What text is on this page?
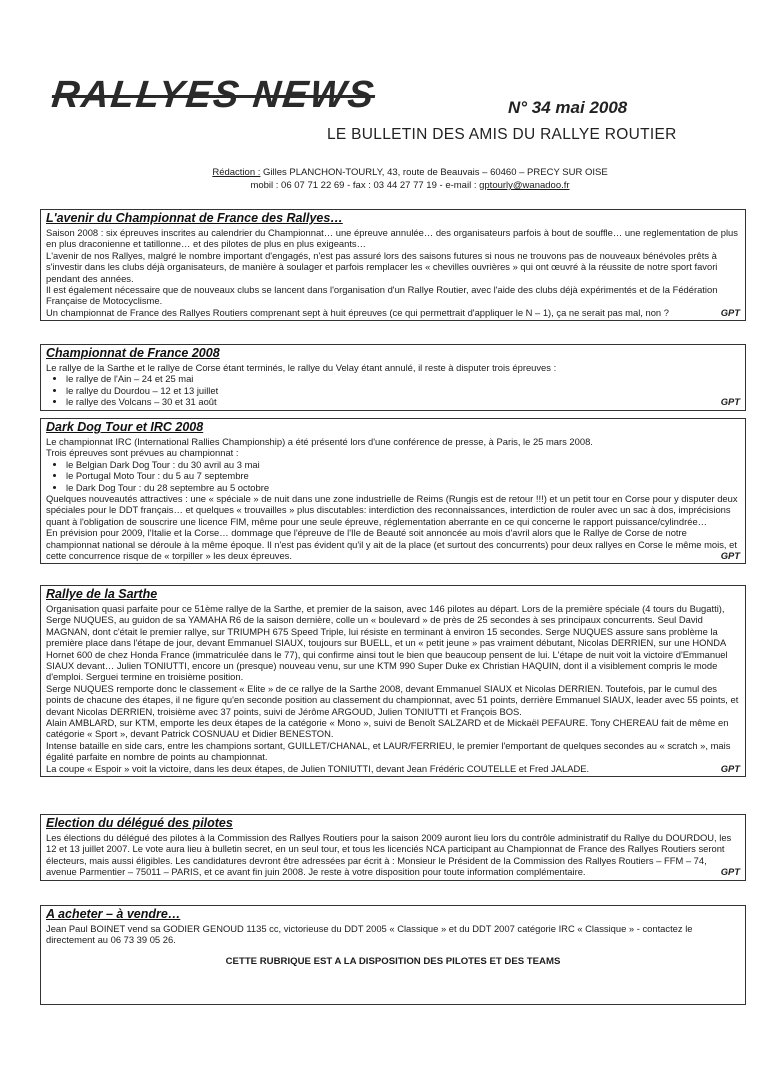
RALLYES NEWS	N° 34 mai 2008
LE BULLETIN DES AMIS DU RALLYE ROUTIER
Rédaction : Gilles PLANCHON-TOURLY, 43, route de Beauvais – 60460 – PRECY SUR OISE
mobil : 06 07 71 22 69 - fax : 03 44 27 77 19 - e-mail : gptourly@wanadoo.fr
L'avenir du Championnat de France des Rallyes…

Saison 2008 : six épreuves inscrites au calendrier du Championnat… une épreuve annulée… des organisateurs parfois à bout de souffle… une reglementation de plus en plus draconienne et tatillonne… et des pilotes de plus en plus exigeants…

L'avenir de nos Rallyes, malgré le nombre important d'engagés, n'est pas assuré lors des saisons futures si nous ne trouvons pas de nouveaux bénévoles prêts à s'investir dans les clubs déjà organisateurs, de manière à soulager et parfois remplacer les « chevilles ouvrières » qui ont œuvré à la réussite de notre sport favori pendant des années.

Il est également nécessaire que de nouveaux clubs se lancent dans l'organisation d'un Rallye Routier, avec l'aide des clubs déjà expérimentés et de la Fédération Française de Motocyclisme.

Un championnat de France des Rallyes Routiers comprenant sept à huit épreuves (ce qui permettrait d'appliquer le N – 1), ça ne serait pas mal, non ?	GPT

Championnat de France 2008

Le rallye de la Sarthe et le rallye de Corse étant terminés, le rallye du Velay étant annulé, il reste à disputer trois épreuves :

• le rallye de l'Ain – 24 et 25 mai
• le rallye du Dourdou – 12 et 13 juillet
• le rallye des Volcans – 30 et 31 août	GPT
Dark Dog Tour et IRC 2008

Le championnat IRC (International Rallies Championship) a été présenté lors d'une conférence de presse, à Paris, le 25 mars 2008.

Trois épreuves sont prévues au championnat :

• le Belgian Dark Dog Tour : du 30 avril au 3 mai
• le Portugal Moto Tour : du 5 au 7 septembre
• le Dark Dog Tour : du 28 septembre au 5 octobre

Quelques nouveautés attractives : une « spéciale » de nuit dans une zone industrielle de Reims (Rungis est de retour !!!) et un petit tour en Corse pour y disputer deux spéciales pour le DDT français… et quelques « trouvailles » plus discutables: interdiction des reconnaissances, interdiction de rouler avec un sac à dos, imprécisions quant à l'obligation de souscrire une licence FIM, même pour une seule épreuve, réglementation aberrante en ce qui concerne le rapport puissance/cylindrée…

En prévision pour 2009, l'Italie et la Corse… dommage que l'épreuve de l'Ile de Beauté soit annoncée au mois d'avril alors que le Rallye de Corse de notre championnat national se déroule à la même époque. Il n'est pas évident qu'il y ait de la place (et surtout des concurrents) pour deux rallyes en Corse le même mois, et cette concurrence risque de « torpiller » les deux épreuves.	GPT

Rallye de la Sarthe

Organisation quasi parfaite pour ce 51ème rallye de la Sarthe, et premier de la saison, avec 146 pilotes au départ. Lors de la première spéciale (4 tours du Bugatti), Serge NUQUES, au guidon de sa YAMAHA R6 de la saison dernière, colle un « boulevard » de près de 25 secondes à ses principaux concurrents. Seul David MAGNAN, dont c'était le premier rallye, sur TRIUMPH 675 Speed Triple, lui résiste en terminant à environ 15 secondes. Serge NUQUES assure sans problème la première place dans l'étape de jour, devant Emmanuel SIAUX, toujours sur BUELL, et un « petit jeune » pas vraiment débutant, Nicolas DERRIEN, sur une HONDA Hornet 600 de chez Honda France (immatriculée dans le 77), qui confirme ainsi tout le bien que beaucoup pensent de lui. L'étape de nuit voit la victoire d'Emmanuel SIAUX devant… Julien TONIUTTI, encore un (presque) nouveau venu, sur une KTM 990 Super Duke ex Christian HAQUIN, dont il a visiblement compris le mode d'emploi. Serguei termine en troisième position.

Serge NUQUES remporte donc le classement « Elite » de ce rallye de la Sarthe 2008, devant Emmanuel SIAUX et Nicolas DERRIEN. Toutefois, par le cumul des points de chacune des étapes, il ne figure qu'en seconde position au classement du championnat, avec 51 points, derrière Emmanuel SIAUX, leader avec 55 points, et devant Nicolas DERRIEN, troisième avec 37 points, suivi de Jérôme ARGOUD, Julien TONIUTTI et François BOS.

Alain AMBLARD, sur KTM, emporte les deux étapes de la catégorie « Mono », suivi de Benoît SALZARD et de Mickaël PEFAURE. Tony CHEREAU fait de même en catégorie « Sport », devant Patrick COSNUAU et Didier BENESTON.

Intense bataille en side cars, entre les champions sortant, GUILLET/CHANAL, et LAUR/FERRIEU, le premier l'emportant de quelques secondes au « scratch », mais égalité parfaite en nombre de points au championnat.

La coupe « Espoir » voit la victoire, dans les deux étapes, de Julien TONIUTTI, devant Jean Frédéric COUTELLE et Fred JALADE.	GPT

Election du délégué des pilotes

Les élections du délégué des pilotes à la Commission des Rallyes Routiers pour la saison 2009 auront lieu lors du contrôle administratif du Rallye du DOURDOU, les 12 et 13 juillet 2007. Le vote aura lieu à bulletin secret, en un seul tour, et tous les licenciés NCA participant au Championnat de France des Rallyes Routiers seront électeurs, mais aussi éligibles. Les candidatures devront être adressées par écrit à : Monsieur le Président de la Commission des Rallyes Routiers – FFM – 74, avenue Parmentier – 75011 – PARIS, et ce avant fin juin 2008. Je reste à votre disposition pour toute information complémentaire.	GPT

A acheter – à vendre…

Jean Paul BOINET vend sa GODIER GENOUD 1135 cc, victorieuse du DDT 2005 « Classique » et du DDT 2007 catégorie IRC « Classique » - contactez le directement au 06 73 39 05 26.

CETTE RUBRIQUE EST A LA DISPOSITION DES PILOTES ET DES TEAMS
